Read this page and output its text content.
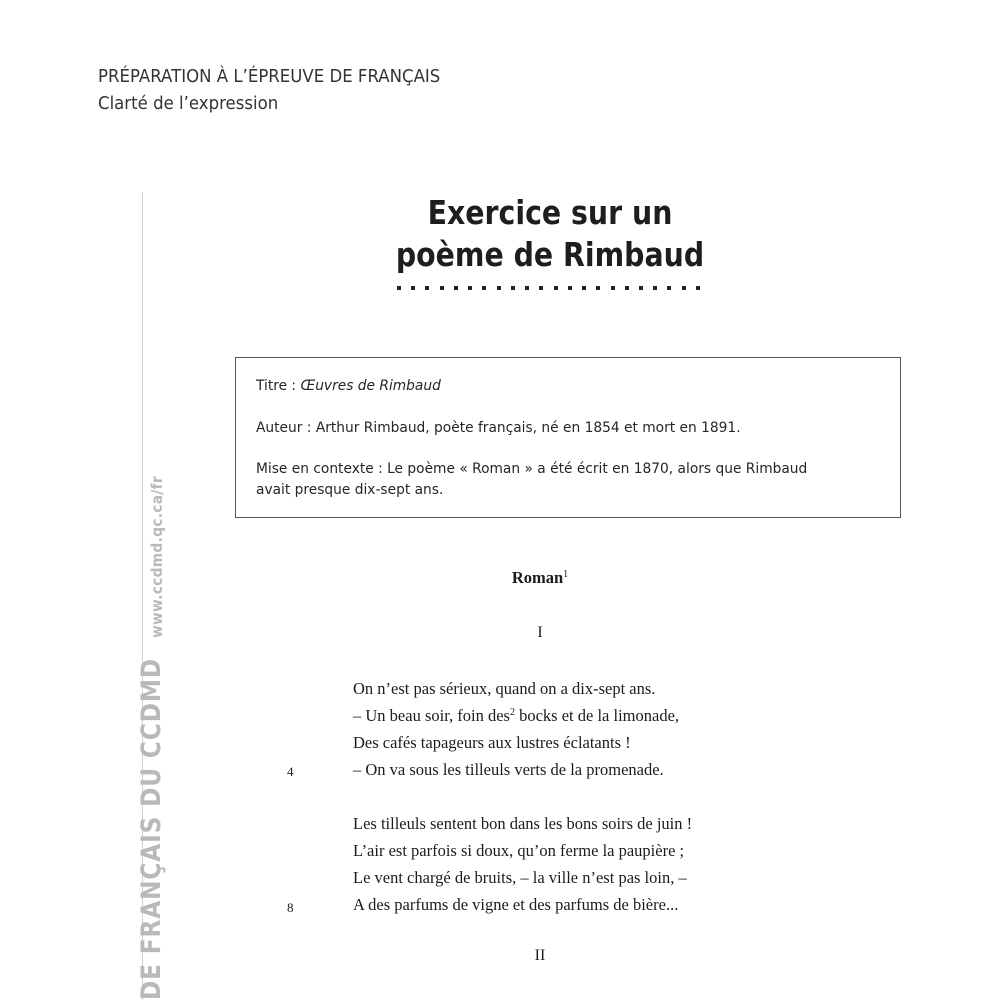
PRÉPARATION À L’ÉPREUVE DE FRANÇAIS
Clarté de l’expression
DE FRANÇAIS DU CCDMD
www.ccdmd.qc.ca/fr
Exercice sur un
poème de Rimbaud
Titre : Œuvres de Rimbaud
Auteur : Arthur Rimbaud, poète français, né en 1854 et mort en 1891.
Mise en contexte : Le poème « Roman » a été écrit en 1870, alors que Rimbaud
avait presque dix-sept ans.
Roman$^1$
I
On n’est pas sérieux, quand on a dix-sept ans.
– Un beau soir, foin des$^2$ bocks et de la limonade,
Des cafés tapageurs aux lustres éclatants !
– On va sous les tilleuls verts de la promenade.
4
Les tilleuls sentent bon dans les bons soirs de juin !
L’air est parfois si doux, qu’on ferme la paupière ;
Le vent chargé de bruits, – la ville n’est pas loin, –
A des parfums de vigne et des parfums de bière...
8
II
